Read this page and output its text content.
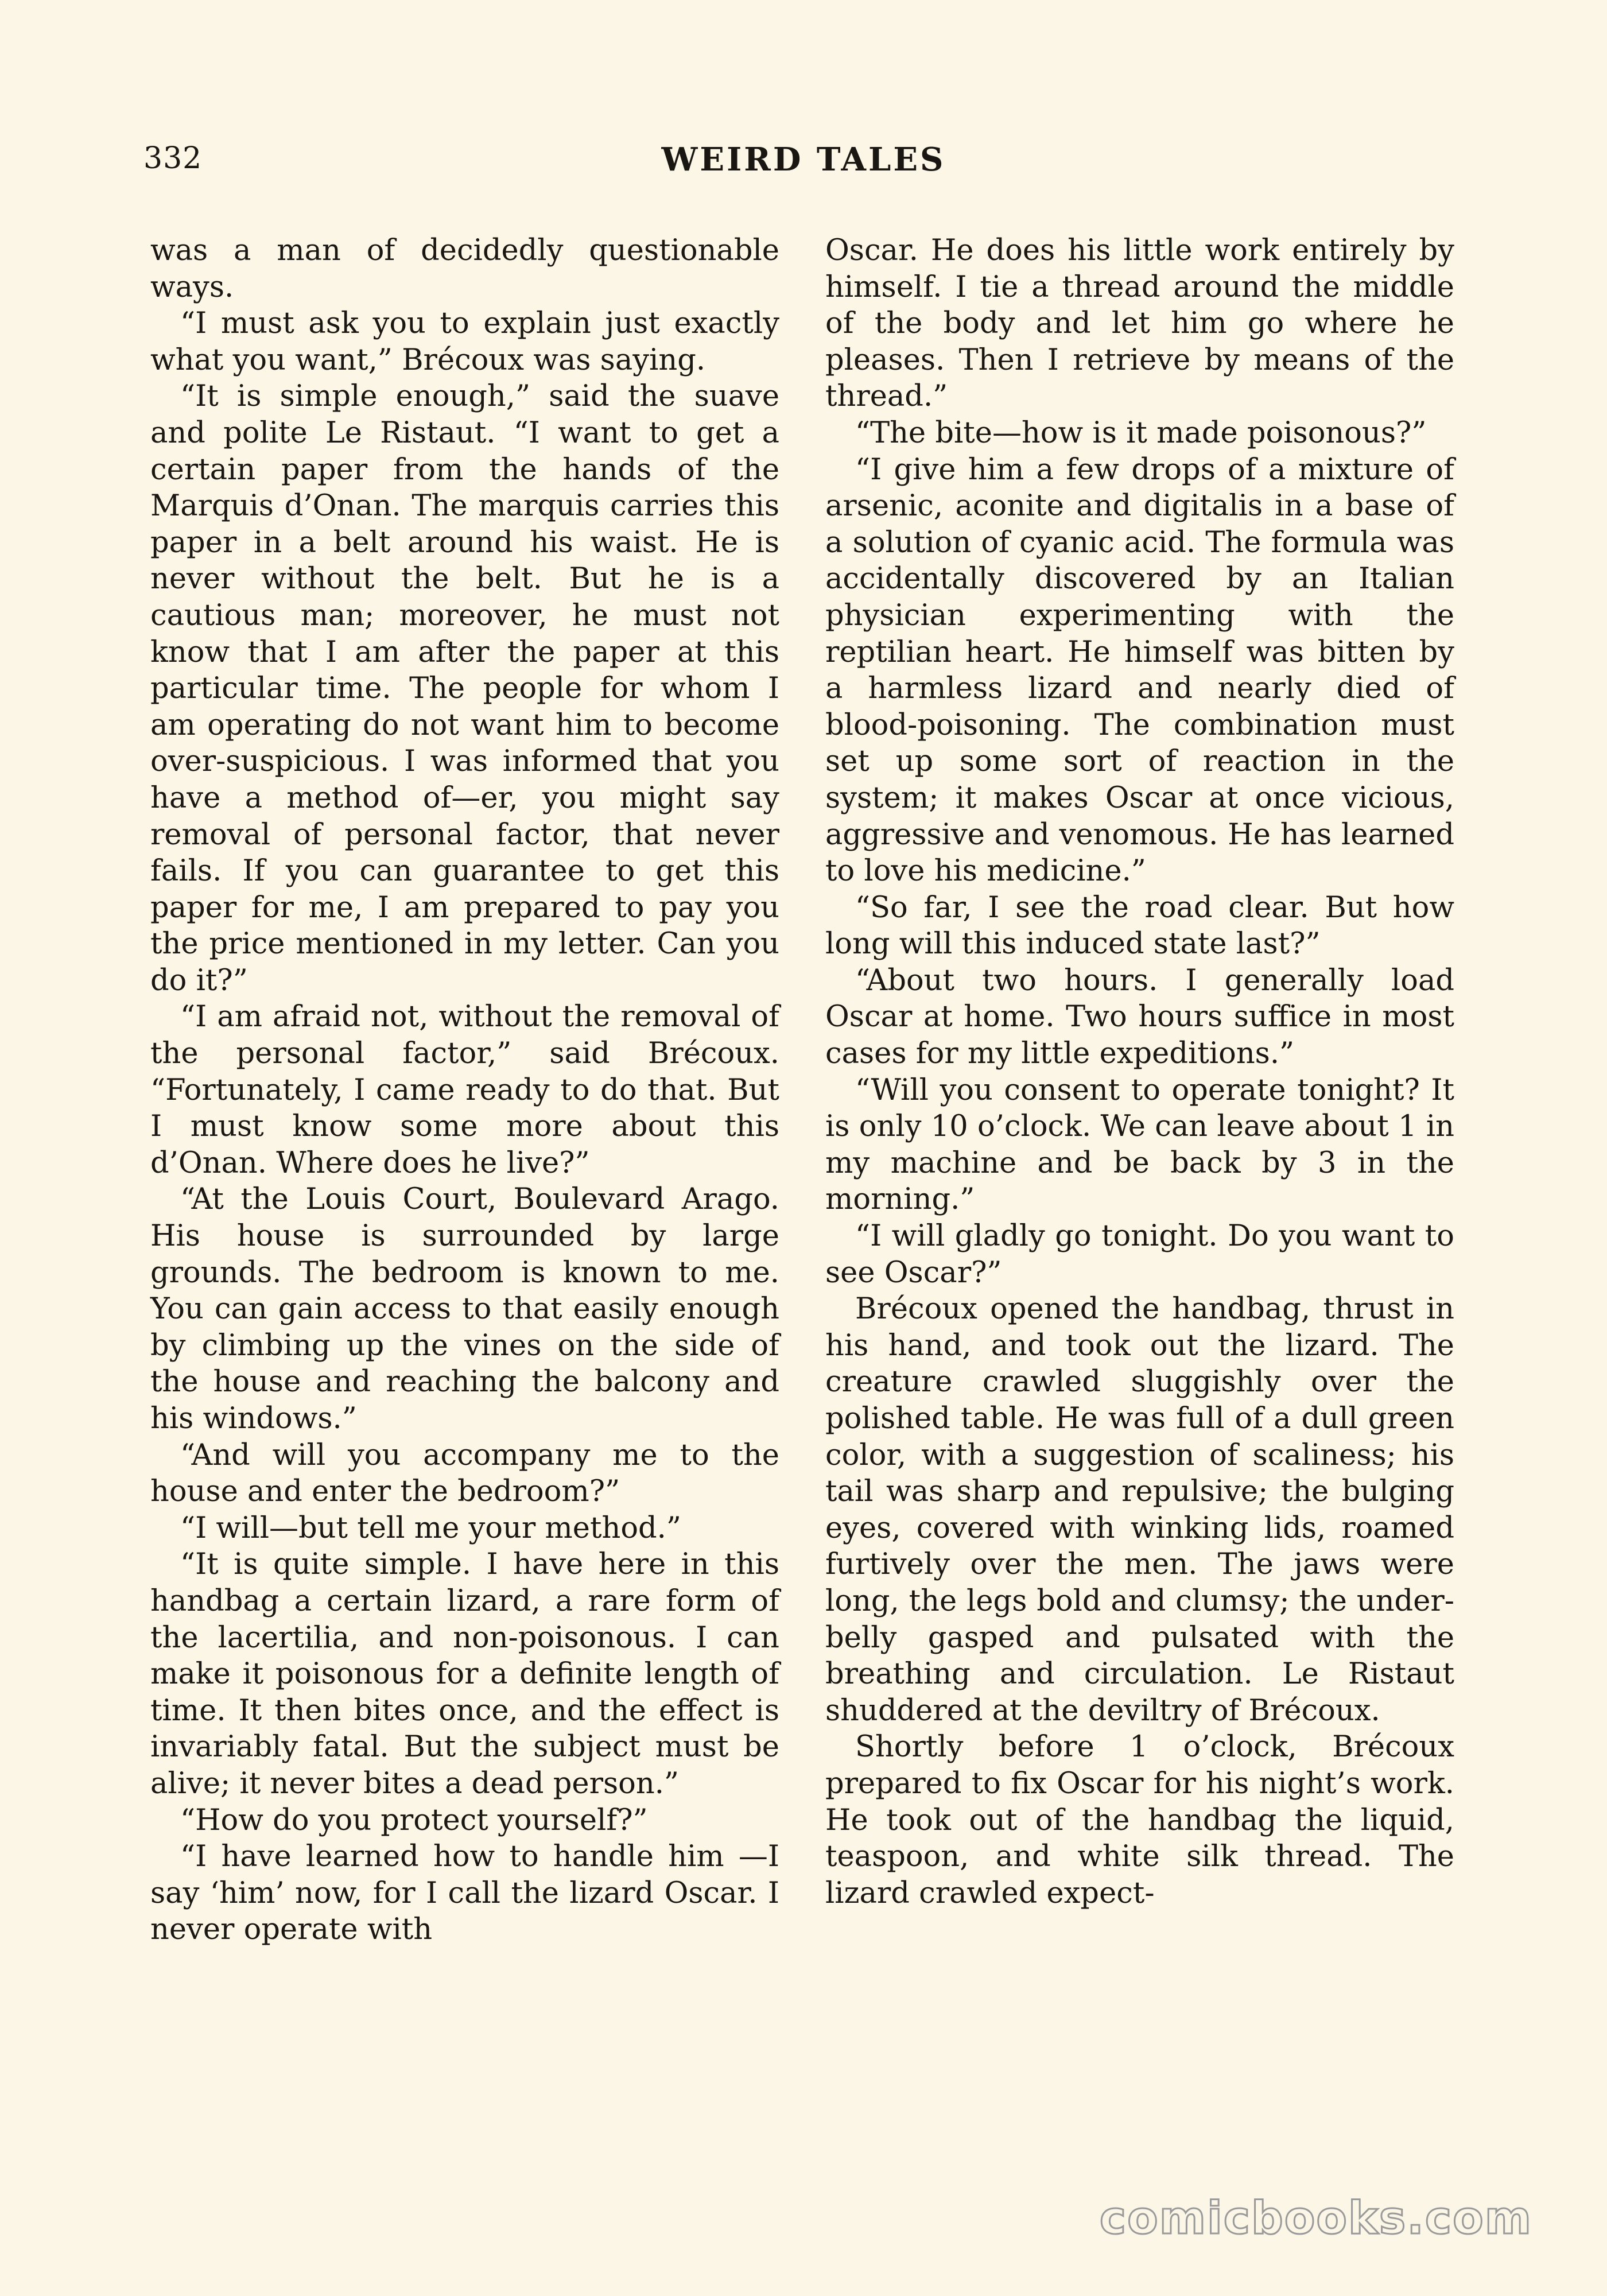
332	WEIRD TALES

was a man of decidedly questionable ways.

“I must ask you to explain just exactly what you want,” Brécoux was saying.

“It is simple enough,” said the suave and polite Le Ristaut. “I want to get a certain paper from the hands of the Marquis d’Onan. The marquis carries this paper in a belt around his waist. He is never without the belt. But he is a cautious man; moreover, he must not know that I am after the paper at this particular time. The people for whom I am operating do not want him to become over-suspicious. I was informed that you have a method of—er, you might say removal of personal factor, that never fails. If you can guarantee to get this paper for me, I am prepared to pay you the price mentioned in my letter. Can you do it?”

“I am afraid not, without the removal of the personal factor,” said Brécoux. “Fortunately, I came ready to do that. But I must know some more about this d’Onan. Where does he live?”

“At the Louis Court, Boulevard Arago. His house is surrounded by large grounds. The bedroom is known to me. You can gain access to that easily enough by climbing up the vines on the side of the house and reaching the balcony and his windows.”

“And will you accompany me to the house and enter the bedroom?”

“I will—but tell me your method.”

“It is quite simple. I have here in this handbag a certain lizard, a rare form of the lacertilia, and non-poisonous. I can make it poisonous for a definite length of time. It then bites once, and the effect is invariably fatal. But the subject must be alive; it never bites a dead person.”

“How do you protect yourself?”

“I have learned how to handle him —I say ‘him’ now, for I call the lizard Oscar. I never operate with

Oscar. He does his little work entirely by himself. I tie a thread around the middle of the body and let him go where he pleases. Then I retrieve by means of the thread.”

“The bite—how is it made poisonous?”

“I give him a few drops of a mixture of arsenic, aconite and digitalis in a base of a solution of cyanic acid. The formula was accidentally discovered by an Italian physician experimenting with the reptilian heart. He himself was bitten by a harmless lizard and nearly died of blood-poisoning. The combination must set up some sort of reaction in the system; it makes Oscar at once vicious, aggressive and venomous. He has learned to love his medicine.”

“So far, I see the road clear. But how long will this induced state last?”

“About two hours. I generally load Oscar at home. Two hours suffice in most cases for my little expeditions.”

“Will you consent to operate tonight? It is only 10 o’clock. We can leave about 1 in my machine and be back by 3 in the morning.”

“I will gladly go tonight. Do you want to see Oscar?”

Brécoux opened the handbag, thrust in his hand, and took out the lizard. The creature crawled sluggishly over the polished table. He was full of a dull green color, with a suggestion of scaliness; his tail was sharp and repulsive; the bulging eyes, covered with winking lids, roamed furtively over the men. The jaws were long, the legs bold and clumsy; the under-belly gasped and pulsated with the breathing and circulation. Le Ristaut shuddered at the deviltry of Brécoux.

Shortly before 1 o’clock, Brécoux prepared to fix Oscar for his night’s work. He took out of the handbag the liquid, teaspoon, and white silk thread. The lizard crawled expect-

comicbooks.com
